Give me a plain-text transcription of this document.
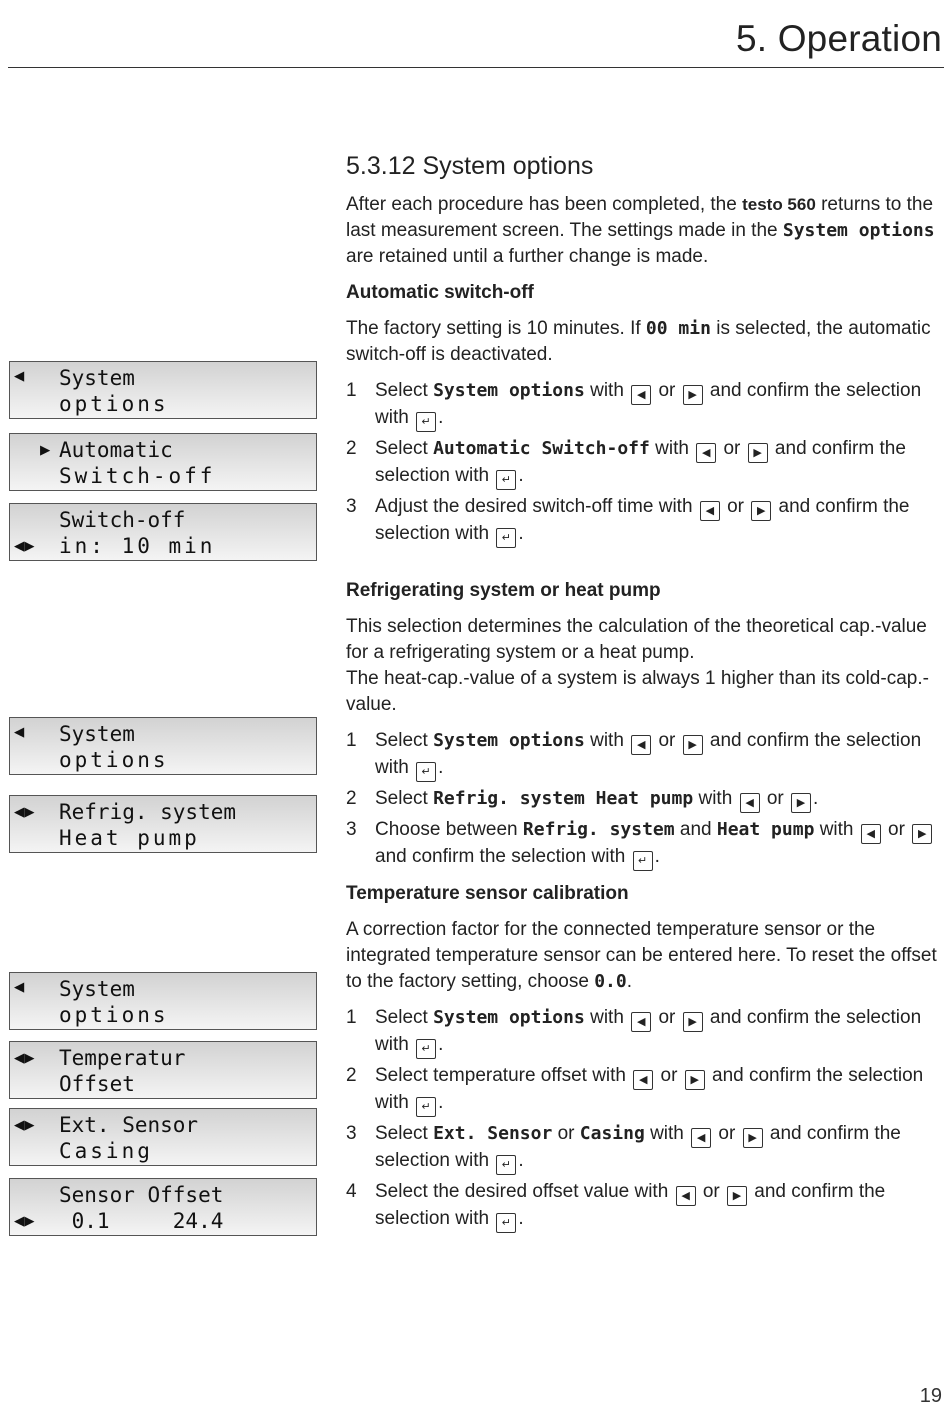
5. Operation
◀ System
options
▶ Automatic
Switch-off
◀▶
Switch-off
in: 10 min
◀ System
options
◀▶ Refrig. system
Heat pump
◀ System
options
◀▶ Temperatur
Offset
◀▶ Ext. Sensor
Casing
◀▶
Sensor Offset
0.1     24.4
5.3.12 System options

After each procedure has been completed, the testo 560 returns to the last measurement screen. The settings made in the System options are retained until a further change is made.

Automatic switch-off

The factory setting is 10 minutes. If 00 min is selected, the automatic switch-off is deactivated.

1 Select System options with ◀ or ▶ and confirm the selection with ↵ .
2 Select Automatic Switch-off with ◀ or ▶ and confirm the selection with ↵ .
3 Adjust the desired switch-off time with ◀ or ▶ and confirm the selection with ↵ .
Refrigerating system or heat pump

This selection determines the calculation of the theoretical cap.-value for a refrigerating system or a heat pump.
The heat-cap.-value of a system is always 1 higher than its cold-cap.-value.

1 Select System options with ◀ or ▶ and confirm the selection with ↵ .
2 Select Refrig. system Heat pump with ◀ or ▶ .
3 Choose between Refrig. system and Heat pump with ◀ or ▶ and confirm the selection with ↵ .
Temperature sensor calibration

A correction factor for the connected temperature sensor or the integrated temperature sensor can be entered here. To reset the offset to the factory setting, choose 0.0.

1 Select System options with ◀ or ▶ and confirm the selection with ↵ .
2 Select temperature offset with ◀ or ▶ and confirm the selection with ↵ .
3 Select Ext. Sensor or Casing with ◀ or ▶ and confirm the selection with ↵ .
4 Select the desired offset value with ◀ or ▶ and confirm the selection with ↵ .
19
